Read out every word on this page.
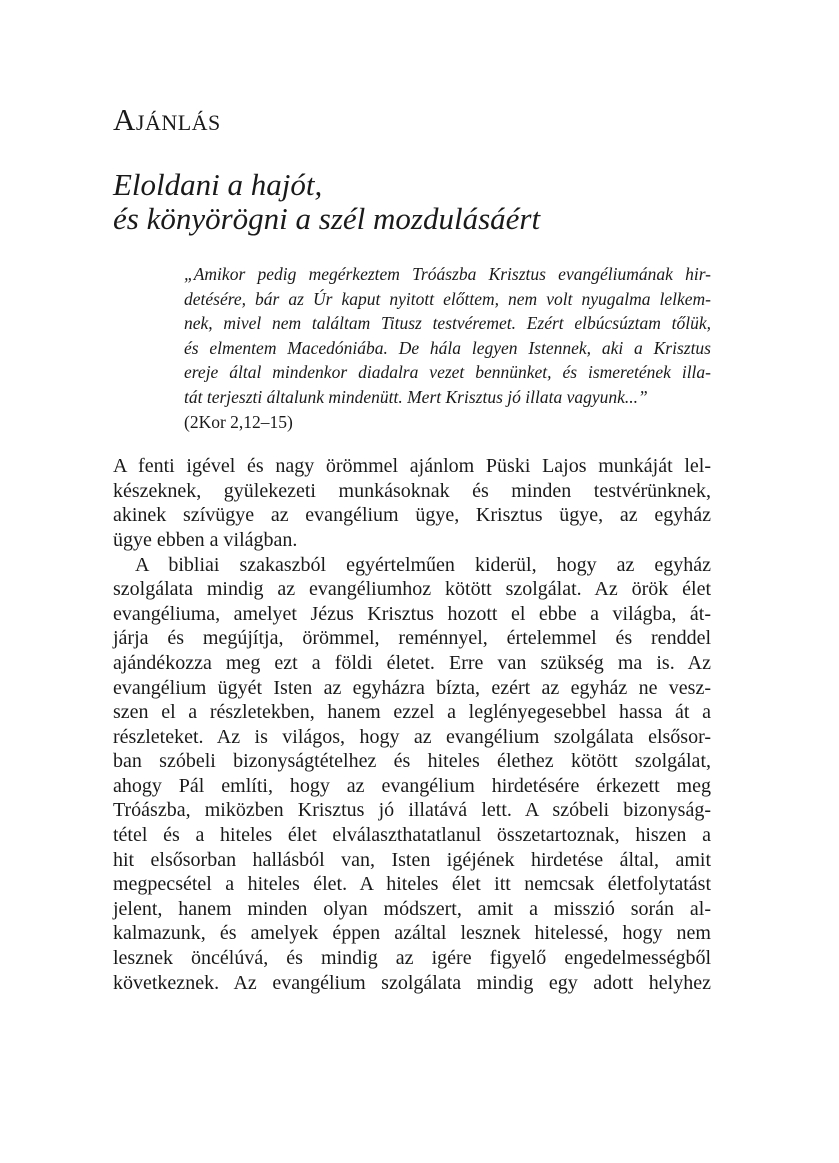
Ajánlás
Eloldani a hajót,
és könyörögni a szél mozdulásáért
„Amikor pedig megérkeztem Tróászba Krisztus evangéliumának hir-
detésére, bár az Úr kaput nyitott előttem, nem volt nyugalma lelkem-
nek, mivel nem találtam Titusz testvéremet. Ezért elbúcsúztam tőlük,
és elmentem Macedóniába. De hála legyen Istennek, aki a Krisztus
ereje által mindenkor diadalra vezet bennünket, és ismeretének illa-
tát terjeszti általunk mindenütt. Mert Krisztus jó illata vagyunk...”
(2Kor 2,12–15)
A fenti igével és nagy örömmel ajánlom Püski Lajos munkáját lel-
készeknek, gyülekezeti munkásoknak és minden testvérünknek,
akinek szívügye az evangélium ügye, Krisztus ügye, az egyház
ügye ebben a világban.
A bibliai szakaszból egyértelműen kiderül, hogy az egyház
szolgálata mindig az evangéliumhoz kötött szolgálat. Az örök élet
evangéliuma, amelyet Jézus Krisztus hozott el ebbe a világba, át-
járja és megújítja, örömmel, reménnyel, értelemmel és renddel
ajándékozza meg ezt a földi életet. Erre van szükség ma is. Az
evangélium ügyét Isten az egyházra bízta, ezért az egyház ne vesz-
szen el a részletekben, hanem ezzel a leglényegesebbel hassa át a
részleteket. Az is világos, hogy az evangélium szolgálata elsősor-
ban szóbeli bizonyságtételhez és hiteles élethez kötött szolgálat,
ahogy Pál említi, hogy az evangélium hirdetésére érkezett meg
Tróászba, miközben Krisztus jó illatává lett. A szóbeli bizonyság-
tétel és a hiteles élet elválaszthatatlanul összetartoznak, hiszen a
hit elsősorban hallásból van, Isten igéjének hirdetése által, amit
megpecsétel a hiteles élet. A hiteles élet itt nemcsak életfolytatást
jelent, hanem minden olyan módszert, amit a misszió során al-
kalmazunk, és amelyek éppen azáltal lesznek hitelessé, hogy nem
lesznek öncélúvá, és mindig az igére figyelő engedelmességből
következnek. Az evangélium szolgálata mindig egy adott helyhez
